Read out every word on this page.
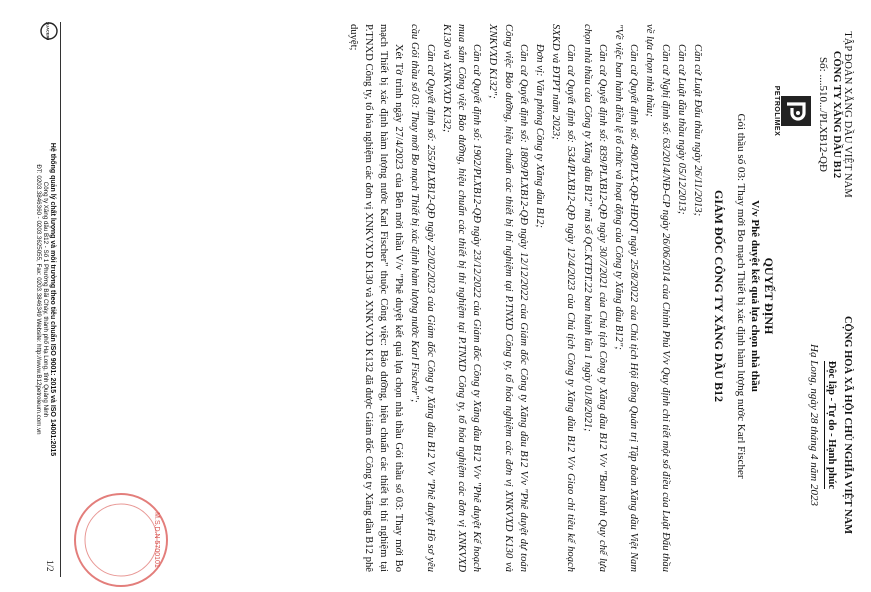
TẬP ĐOÀN XĂNG DẦU VIỆT NAM
CÔNG TY XĂNG DẦU B12
Số: ....510.../PLXB12-QĐ
CỘNG HOÀ XÃ HỘI CHỦ NGHĨA VIỆT NAM
Độc lập - Tự do - Hạnh phúc
Hạ Long, ngày 28 tháng 4 năm 2023
PETROLIMEX
QUYẾT ĐỊNH
V/v Phê duyệt kết quả lựa chọn nhà thầu
Gói thầu số 03: Thay mới Bo mạch Thiết bị xác định hàm lượng nước Karl Fischer
GIÁM ĐỐC CÔNG TY XĂNG DẦU B12

Căn cứ Luật Đấu thầu ngày 26/11/2013;

Căn cứ Luật đầu thầu ngày 05/12/2013;

Căn cứ Nghị định số: 63/2014/NĐ-CP ngày 26/06/2014 của Chính Phủ V/v Quy định chi tiết một số điều của Luật Đấu thầu về lựa chọn nhà thầu;

Căn cứ Quyết định số: 490/PLX-QĐ-HĐQT ngày 25/8/2022 của Chủ tịch Hội đồng Quản trị Tập đoàn Xăng dầu Việt Nam "Về việc ban hành điều lệ tổ chức và hoạt động của Công ty Xăng dầu B12";

Căn cứ Quyết định số: 839/PLXB12-QĐ ngày 30/7/2021 của Chủ tịch Công ty Xăng dầu B12 V/v "Ban hành Quy chế lựa chọn nhà thầu của Công ty Xăng dầu B12" mã số QC.KTĐT.22 ban hành lần 1 ngày 01/8/2021;

Căn cứ Quyết định số: 534/PLXB12-QĐ ngày 12/4/2023 của Chủ tịch Công ty Xăng dầu B12 V/v Giao chỉ tiêu kế hoạch SXKD và ĐTPT năm 2023;

Đơn vị: Văn phòng Công ty Xăng dầu B12;

Căn cứ Quyết định số: 1809/PLXB12-QĐ ngày 12/12/2022 của Giám đốc Công ty Xăng dầu B12 V/v "Phê duyệt dự toán Công việc Bảo dưỡng, hiệu chuẩn các thiết bị thí nghiệm tại P.TNXD Công ty, tổ hóa nghiệm các đơn vị XNKVXD K130 và XNKVXD K132";

Căn cứ Quyết định số: 1902/PLXB12-QĐ ngày 23/12/2022 của Giám đốc Công ty Xăng dầu B12 V/v "Phê duyệt Kế hoạch mua sắm Công việc Bảo dưỡng, hiệu chuẩn các thiết bị thí nghiệm tại P.TNXD Công ty, tổ hóa nghiệm các đơn vị XNKVXD K130 và XNKVXD K132;

Căn cứ Quyết định số: 255/PLXB12-QĐ ngày 22/02/2023 của Giám đốc Công ty Xăng dầu B12 V/v "Phê duyệt Hồ sơ yêu cầu Gói thầu số 03: Thay mới Bo mạch Thiết bị xác định hàm lượng nước Karl Fischer";

Xét Tờ trình ngày 27/4/2023 của Bên mời thầu V/v "Phê duyệt kết quả lựa chọn nhà thầu Gói thầu số 03: Thay mới Bo mạch Thiết bị xác định hàm lượng nước Karl Fischer" thuộc Công việc: Bảo dưỡng, hiệu chuẩn các thiết bị thí nghiệm tại P.TNXD Công ty, tổ hóa nghiệm các đơn vị XNKVXD K130 và XNKVXD K132 đã được Giám đốc Công ty Xăng dầu B12 phê duyệt;

M.S.D.N 5700101
QUACERT
Hệ thống quản lý chất lượng và môi trường theo tiêu chuẩn ISO 9001: 2015 và ISO 14001:2015
Công ty Xăng dầu B12 - Số 1 Phường Bãi Cháy, thành phố Hạ Long, tỉnh Quảng Ninh
ĐT: 0203.3846360 - 0203.3625055, Fax: 0203.3846349 Website: http://www.B12petroleum.com.vn
1/2
